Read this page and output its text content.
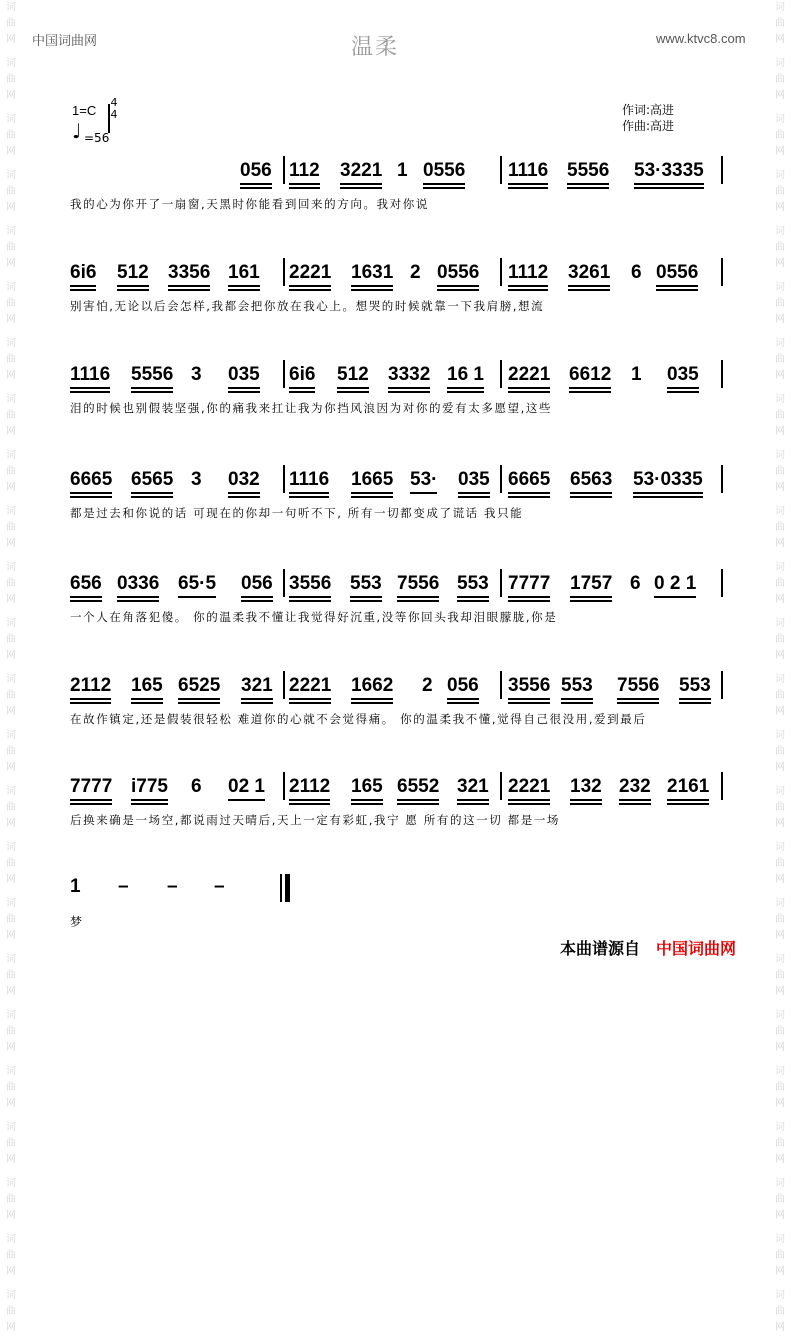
词曲网
词曲网
词曲网
词曲网
词曲网
词曲网
词曲网
词曲网
词曲网
词曲网
词曲网
词曲网
词曲网
词曲网
词曲网
词曲网
词曲网
词曲网
词曲网
词曲网
词曲网
词曲网
词曲网
词曲网
词曲网
词曲网
词曲网
词曲网
词曲网
词曲网
词曲网
词曲网
词曲网
词曲网
词曲网
词曲网
词曲网
词曲网
词曲网
词曲网
词曲网
词曲网
词曲网
词曲网
词曲网
词曲网
词曲网
词曲网
中国词曲网	温柔	www.ktvc8.com
1=C
4
4
♩ =56
作词:高进
作曲:高进
056 112 3221 1 0556 1116 5556 53·3335
我的心为你开了一扇窗,天黑时你能看到回来的方向。我对你说
6i6 512 3356 161 2221 1631 2 0556 1112 3261 6 0556
别害怕,无论以后会怎样,我都会把你放在我心上。想哭的时候就靠一下我肩膀,想流
1116 5556 3 035 6i6 512 3332 16 1 2221 6612 1 035
泪的时候也别假装坚强,你的痛我来扛让我为你挡风浪因为对你的爱有太多愿望,这些
6665 6565 3 032 1116 1665 53· 035 6665 6563 53·0335
都是过去和你说的话 可现在的你却一句听不下, 所有一切都变成了谎话 我只能
656 0336 65·5 056 3556 553 7556 553 7777 1757 6 0 2 1
一个人在角落犯傻。 你的温柔我不懂让我觉得好沉重,没等你回头我却泪眼朦胧,你是
2112 165 6525 321 2221 1662 2 056 3556 553 7556 553
在故作镇定,还是假装很轻松 难道你的心就不会觉得痛。 你的温柔我不懂,觉得自己很没用,爱到最后
7777 i775 6 02 1 2112 165 6552 321 2221 132 232 2161
后换来确是一场空,都说雨过天晴后,天上一定有彩虹,我宁 愿 所有的这一切 都是一场
1 – – –
梦
本曲谱源自 中国词曲网
